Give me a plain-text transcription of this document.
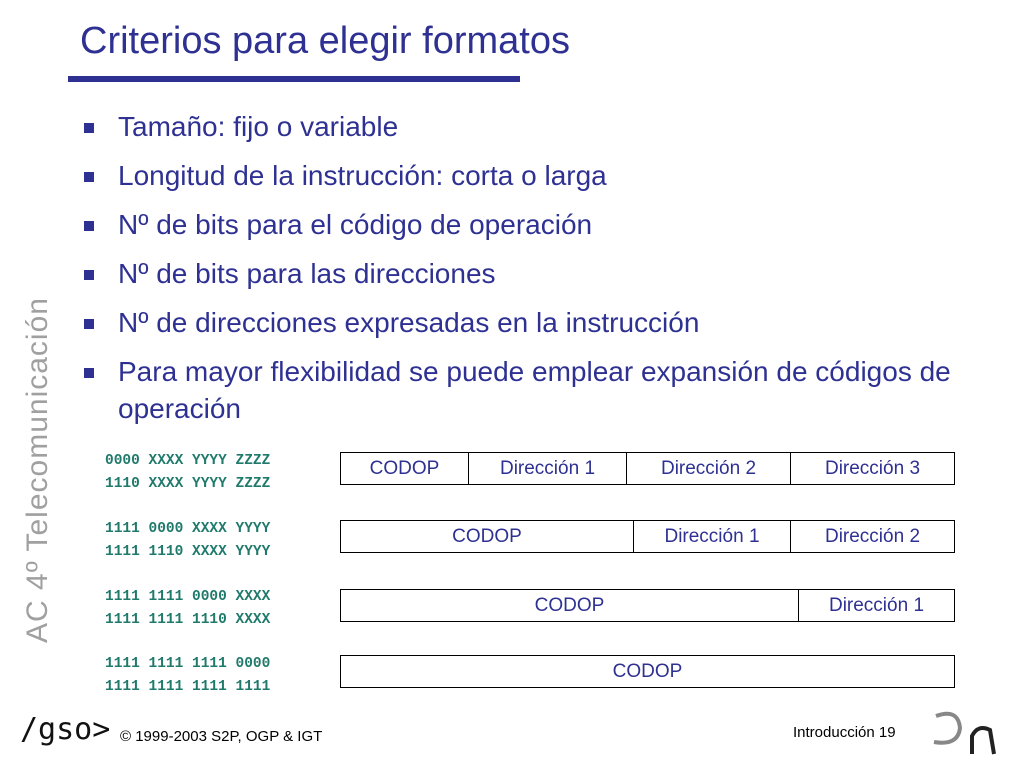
Criterios para elegir formatos
AC 4º Telecomunicación
Tamaño: fijo o variable
Longitud de la instrucción: corta o larga
Nº de bits para el código de operación
Nº de bits para las direcciones
Nº de direcciones expresadas en la instrucción
Para mayor flexibilidad se puede emplear expansión de códigos de operación
0000 XXXX YYYY ZZZZ
1110 XXXX YYYY ZZZZ
CODOP	Dirección 1	Dirección 2	Dirección 3
1111 0000 XXXX YYYY
1111 1110 XXXX YYYY
CODOP	Dirección 1	Dirección 2
1111 1111 0000 XXXX
1111 1111 1110 XXXX
CODOP	Dirección 1
1111 1111 1111 0000
1111 1111 1111 1111
CODOP
/gso> © 1999-2003 S2P, OGP & IGT	Introducción 19
